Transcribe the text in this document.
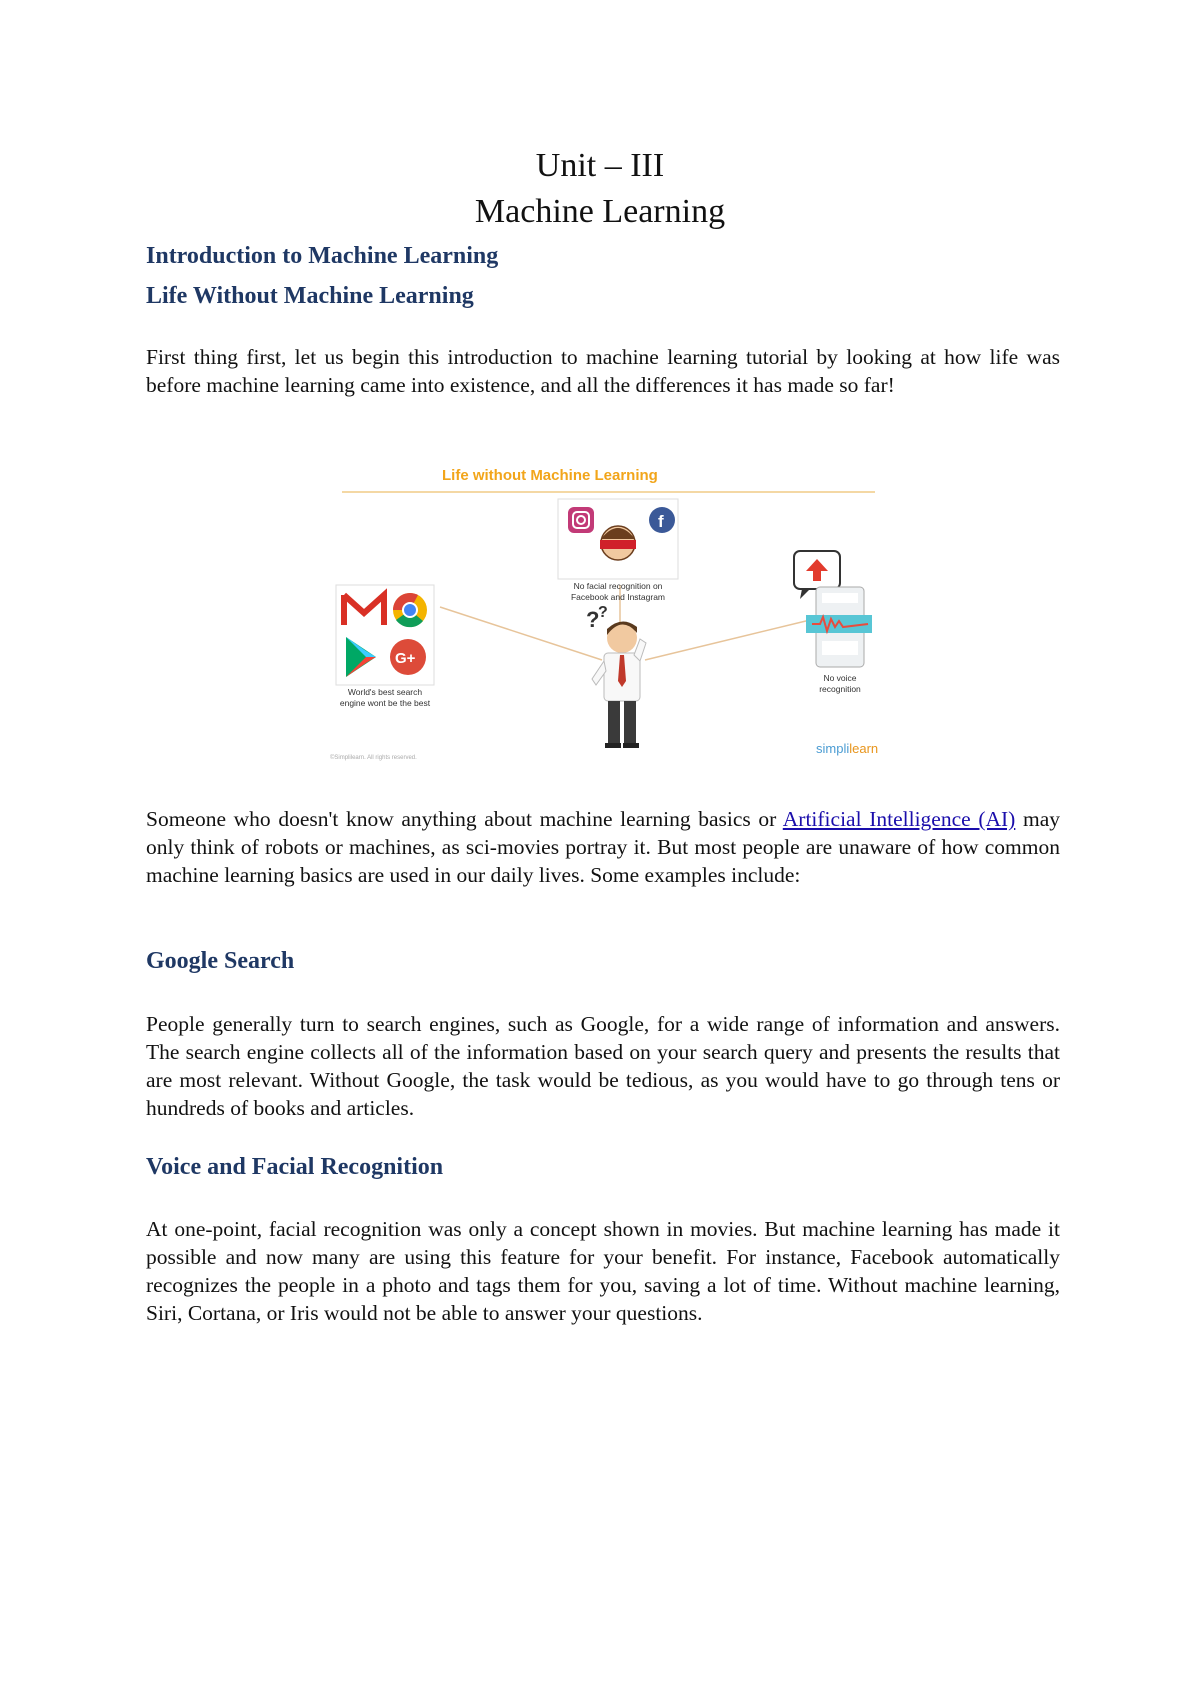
Unit – III
Machine Learning
Introduction to Machine Learning
Life Without Machine Learning
First thing first, let us begin this introduction to machine learning tutorial by looking at how life was before machine learning came into existence, and all the differences it has made so far!
f
G+
?
?
Life without Machine Learning
No facial recognition on Facebook and Instagram
World's best search engine wont be the best
No voice recognition
©Simplilearn. All rights reserved.
simplilearn
Someone who doesn't know anything about machine learning basics or Artificial Intelligence (AI) may only think of robots or machines, as sci-movies portray it. But most people are unaware of how common machine learning basics are used in our daily lives. Some examples include:
Google Search
People generally turn to search engines, such as Google, for a wide range of information and answers. The search engine collects all of the information based on your search query and presents the results that are most relevant. Without Google, the task would be tedious, as you would have to go through tens or hundreds of books and articles.
Voice and Facial Recognition
At one-point, facial recognition was only a concept shown in movies. But machine learning has made it possible and now many are using this feature for your benefit. For instance, Facebook automatically recognizes the people in a photo and tags them for you, saving a lot of time. Without machine learning, Siri, Cortana, or Iris would not be able to answer your questions.
